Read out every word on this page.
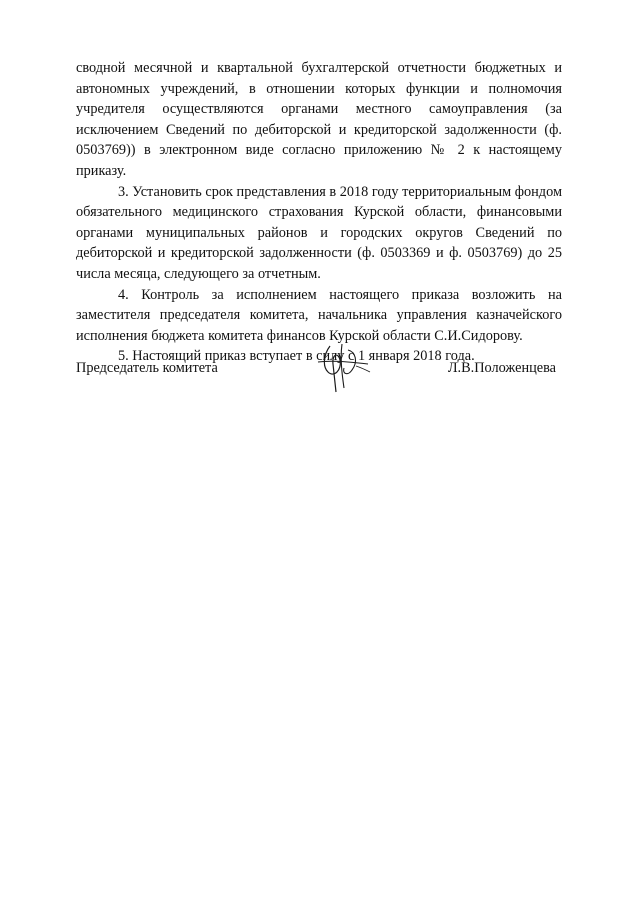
сводной месячной и квартальной бухгалтерской отчетности бюджетных и автономных учреждений, в отношении которых функции и полномочия учредителя осуществляются органами местного самоуправления (за исключением Сведений по дебиторской и кредиторской задолженности (ф. 0503769)) в электронном виде согласно приложению № 2 к настоящему приказу.

3. Установить срок представления в 2018 году территориальным фондом обязательного медицинского страхования Курской области, финансовыми органами муниципальных районов и городских округов Сведений по дебиторской и кредиторской задолженности (ф. 0503369 и ф. 0503769) до 25 числа месяца, следующего за отчетным.

4. Контроль за исполнением настоящего приказа возложить на заместителя председателя комитета, начальника управления казначейского исполнения бюджета комитета финансов Курской области С.И.Сидорову.

5. Настоящий приказ вступает в силу с 1 января 2018 года.

Председатель комитета	Л.В.Положенцева
